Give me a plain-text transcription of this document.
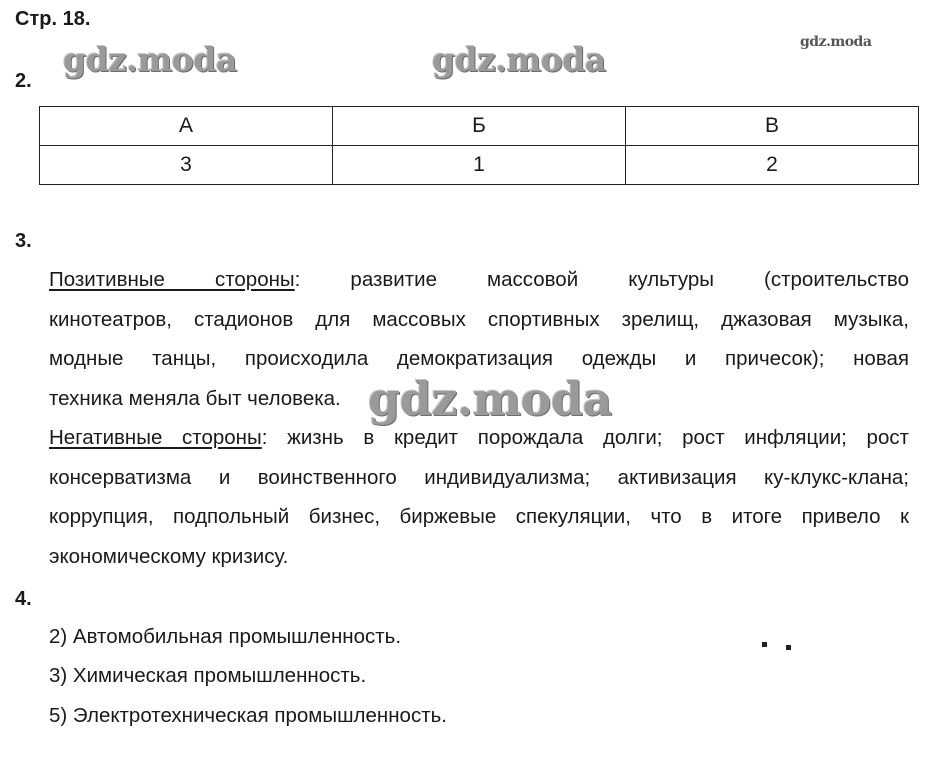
Стр. 18.
gdz.moda	gdz.moda	gdz.moda
2.
А	Б	В
3	1	2
3.
Позитивные стороны: развитие массовой культуры (строительство
кинотеатров, стадионов для массовых спортивных зрелищ, джазовая музыка,
модные танцы, происходила демократизация одежды и причесок); новая
техника меняла быт человека.
Негативные стороны: жизнь в кредит порождала долги; рост инфляции; рост
консерватизма и воинственного индивидуализма; активизация ку-клукс-клана;
коррупция, подпольный бизнес, биржевые спекуляции, что в итоге привело к
экономическому кризису.
gdz.moda
4.
2) Автомобильная промышленность.
3) Химическая промышленность.
5) Электротехническая промышленность.
